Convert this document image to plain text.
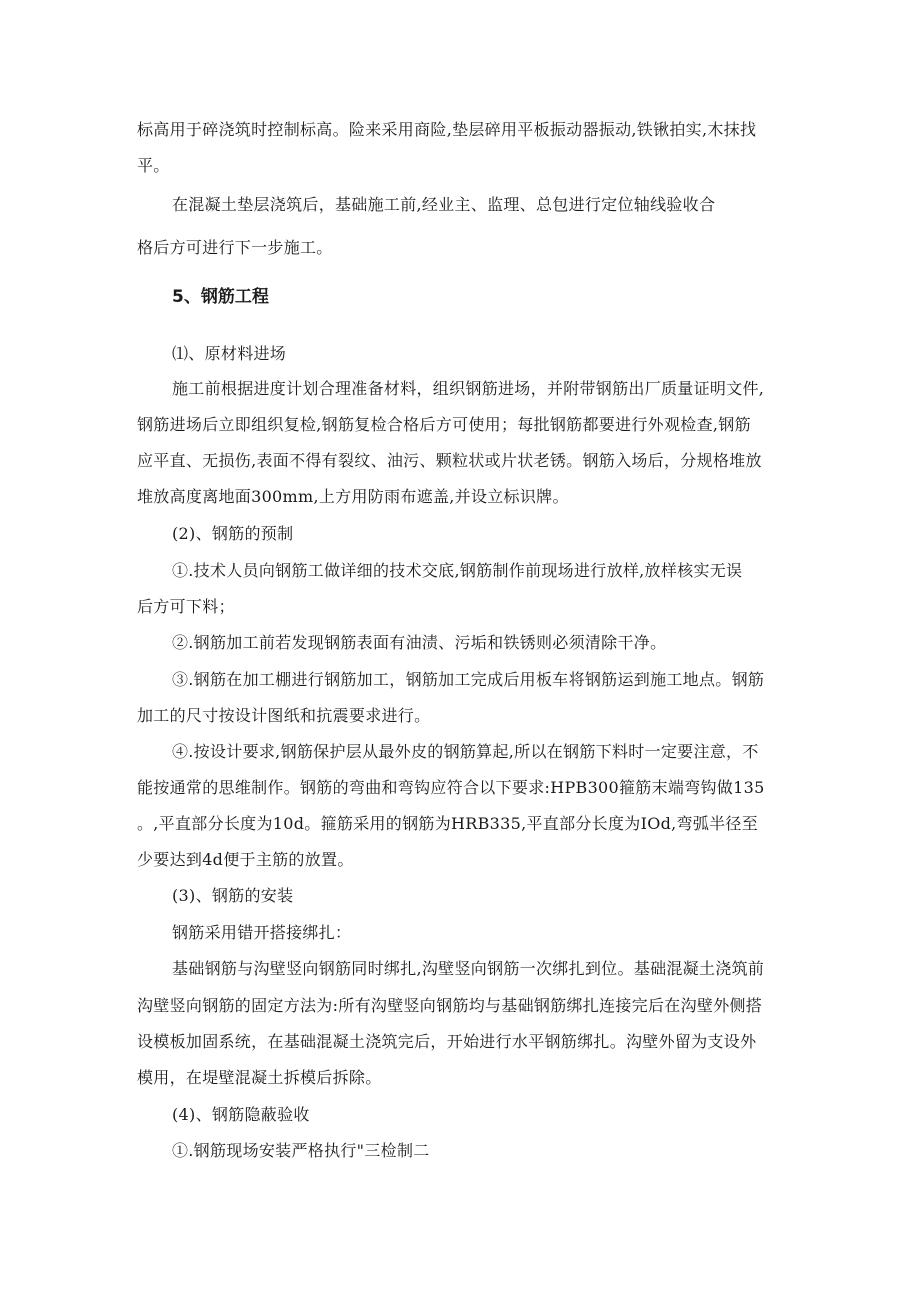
标高用于碎浇筑时控制标高。险来采用商险,垫层碎用平板振动器振动,铁锹拍实,木抹找
平。
在混凝土垫层浇筑后，基础施工前,经业主、监理、总包进行定位轴线验收合
格后方可进行下一步施工。
5、钢筋工程
⑴、原材料进场
施工前根据进度计划合理准备材料，组织钢筋进场，并附带钢筋出厂质量证明文件,
钢筋进场后立即组织复检,钢筋复检合格后方可使用；每批钢筋都要进行外观检查,钢筋
应平直、无损伤,表面不得有裂纹、油污、颗粒状或片状老锈。钢筋入场后，分规格堆放
堆放高度离地面300mm,上方用防雨布遮盖,并设立标识牌。
(2)、钢筋的预制
①.技术人员向钢筋工做详细的技术交底,钢筋制作前现场进行放样,放样核实无误
后方可下料；
②.钢筋加工前若发现钢筋表面有油渍、污垢和铁锈则必须清除干净。
③.钢筋在加工棚进行钢筋加工，钢筋加工完成后用板车将钢筋运到施工地点。钢筋
加工的尺寸按设计图纸和抗震要求进行。
④.按设计要求,钢筋保护层从最外皮的钢筋算起,所以在钢筋下料时一定要注意，不
能按通常的思维制作。钢筋的弯曲和弯钩应符合以下要求:HPB300箍筋末端弯钩做135
。,平直部分长度为10d。箍筋采用的钢筋为HRB335,平直部分长度为IOd,弯弧半径至
少要达到4d便于主筋的放置。
(3)、钢筋的安装
钢筋采用错开搭接绑扎：
基础钢筋与沟壁竖向钢筋同时绑扎,沟壁竖向钢筋一次绑扎到位。基础混凝土浇筑前
沟壁竖向钢筋的固定方法为:所有沟壁竖向钢筋均与基础钢筋绑扎连接完后在沟壁外侧搭
设模板加固系统，在基础混凝土浇筑完后，开始进行水平钢筋绑扎。沟壁外留为支设外
模用，在堤壁混凝土拆模后拆除。
(4)、钢筋隐蔽验收
①.钢筋现场安装严格执行"三检制二
